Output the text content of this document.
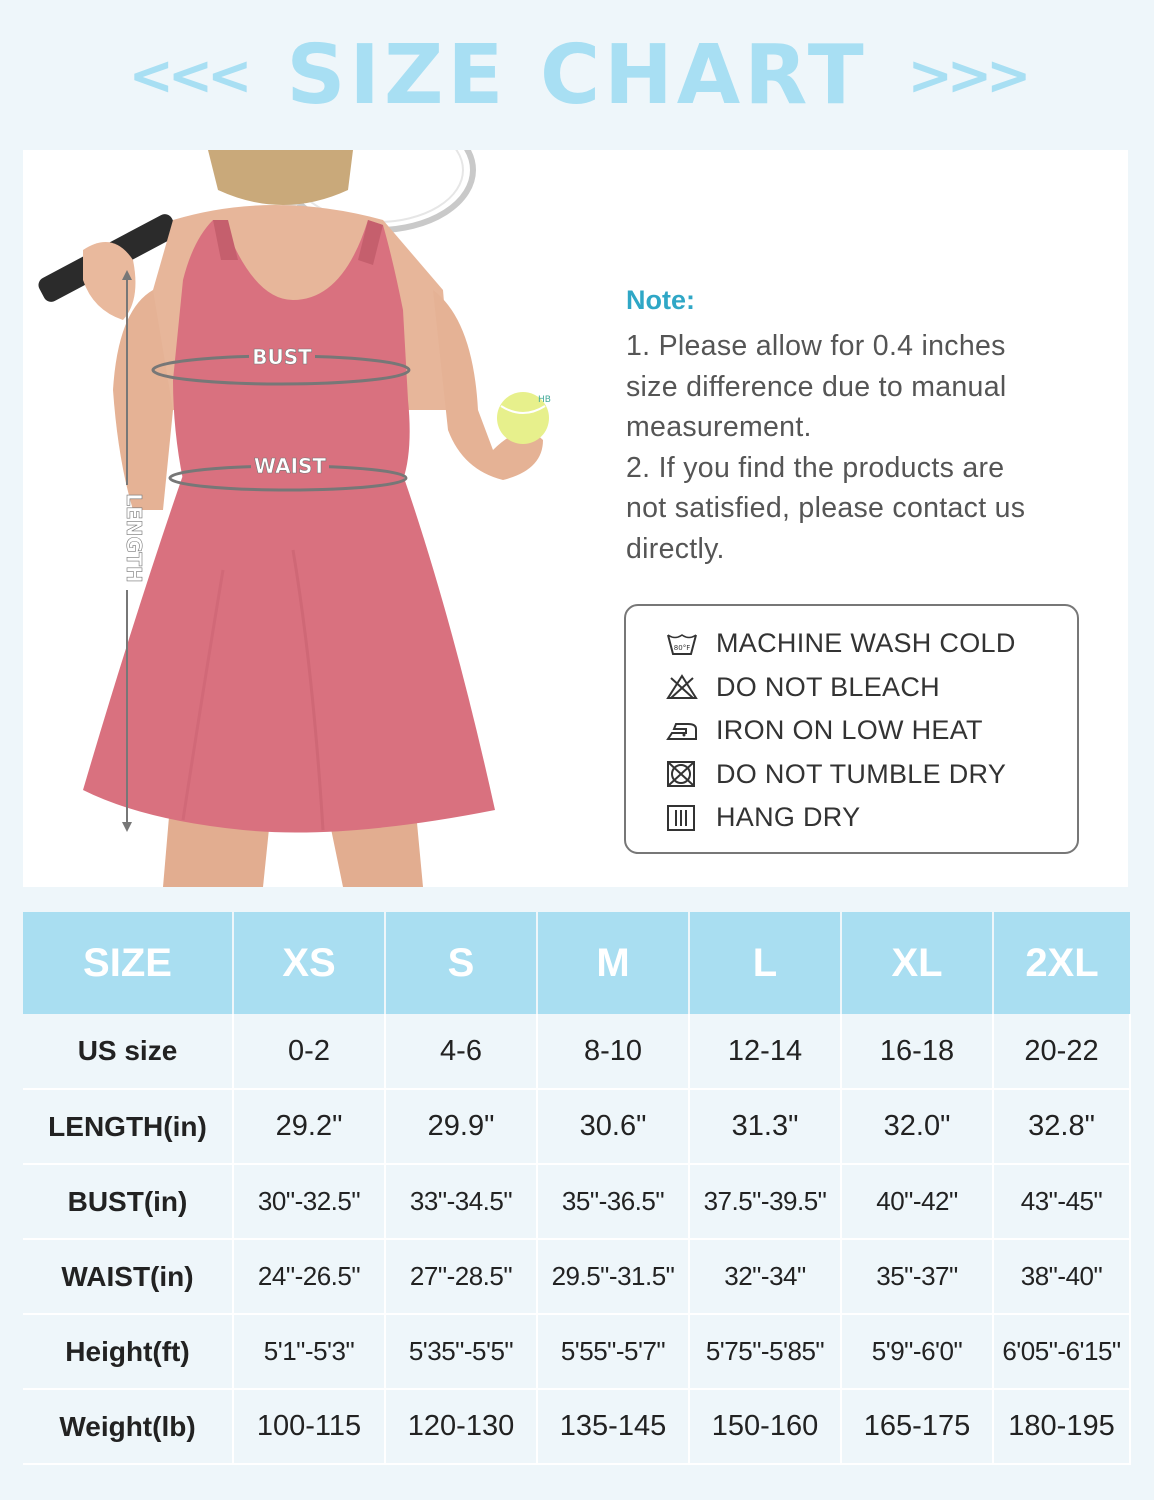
<<< SIZE CHART >>>
HB
BUST
WAIST
LENGTH
Note:
1. Please allow for 0.4 inches
size difference due to manual
measurement.
2. If you find the products are
not satisfied, please contact us
directly.
80°F MACHINE WASH COLD
DO NOT BLEACH
IRON ON LOW HEAT
DO NOT TUMBLE DRY
HANG DRY
SIZE	XS	S	M	L	XL	2XL
US size	0-2	4-6	8-10	12-14	16-18	20-22
LENGTH(in)	29.2"	29.9"	30.6"	31.3"	32.0"	32.8"
BUST(in)	30"-32.5"	33"-34.5"	35"-36.5"	37.5"-39.5"	40"-42"	43"-45"
WAIST(in)	24"-26.5"	27"-28.5"	29.5"-31.5"	32"-34"	35"-37"	38"-40"
Height(ft)	5'1"-5'3"	5'35"-5'5"	5'55"-5'7"	5'75"-5'85"	5'9"-6'0"	6'05"-6'15"
Weight(lb)	100-115	120-130	135-145	150-160	165-175	180-195
